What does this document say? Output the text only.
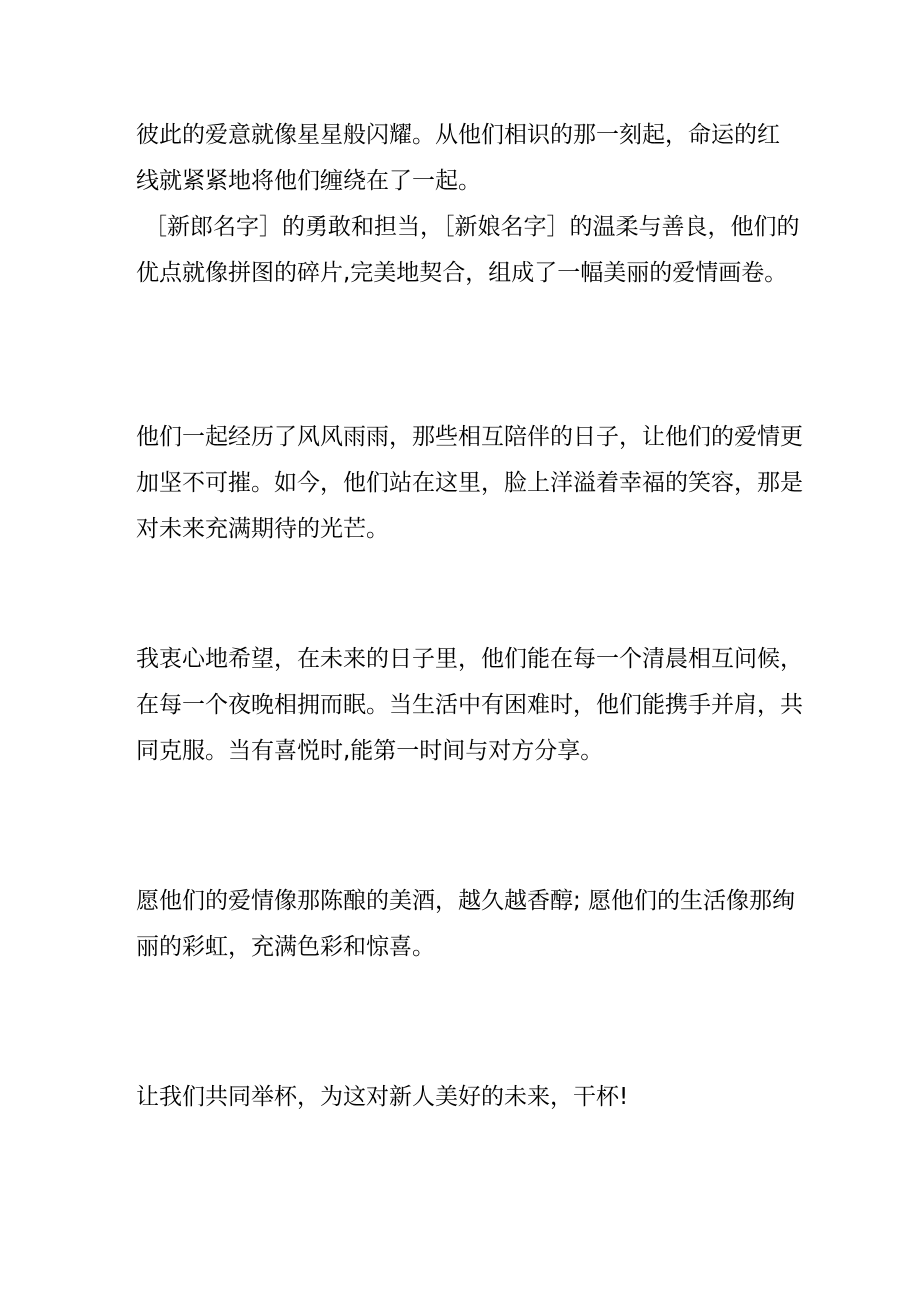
彼此的爱意就像星星般闪耀。从他们相识的那一刻起，命运的红
线就紧紧地将他们缠绕在了一起。
［新郎名字］的勇敢和担当，［新娘名字］的温柔与善良，他们的
优点就像拼图的碎片,完美地契合，组成了一幅美丽的爱情画卷。
他们一起经历了风风雨雨，那些相互陪伴的日子，让他们的爱情更
加坚不可摧。如今，他们站在这里，脸上洋溢着幸福的笑容，那是
对未来充满期待的光芒。
我衷心地希望，在未来的日子里，他们能在每一个清晨相互问候，
在每一个夜晚相拥而眠。当生活中有困难时，他们能携手并肩，共
同克服。当有喜悦时,能第一时间与对方分享。
愿他们的爱情像那陈酿的美酒，越久越香醇; 愿他们的生活像那绚
丽的彩虹，充满色彩和惊喜。
让我们共同举杯，为这对新人美好的未来，干杯!
